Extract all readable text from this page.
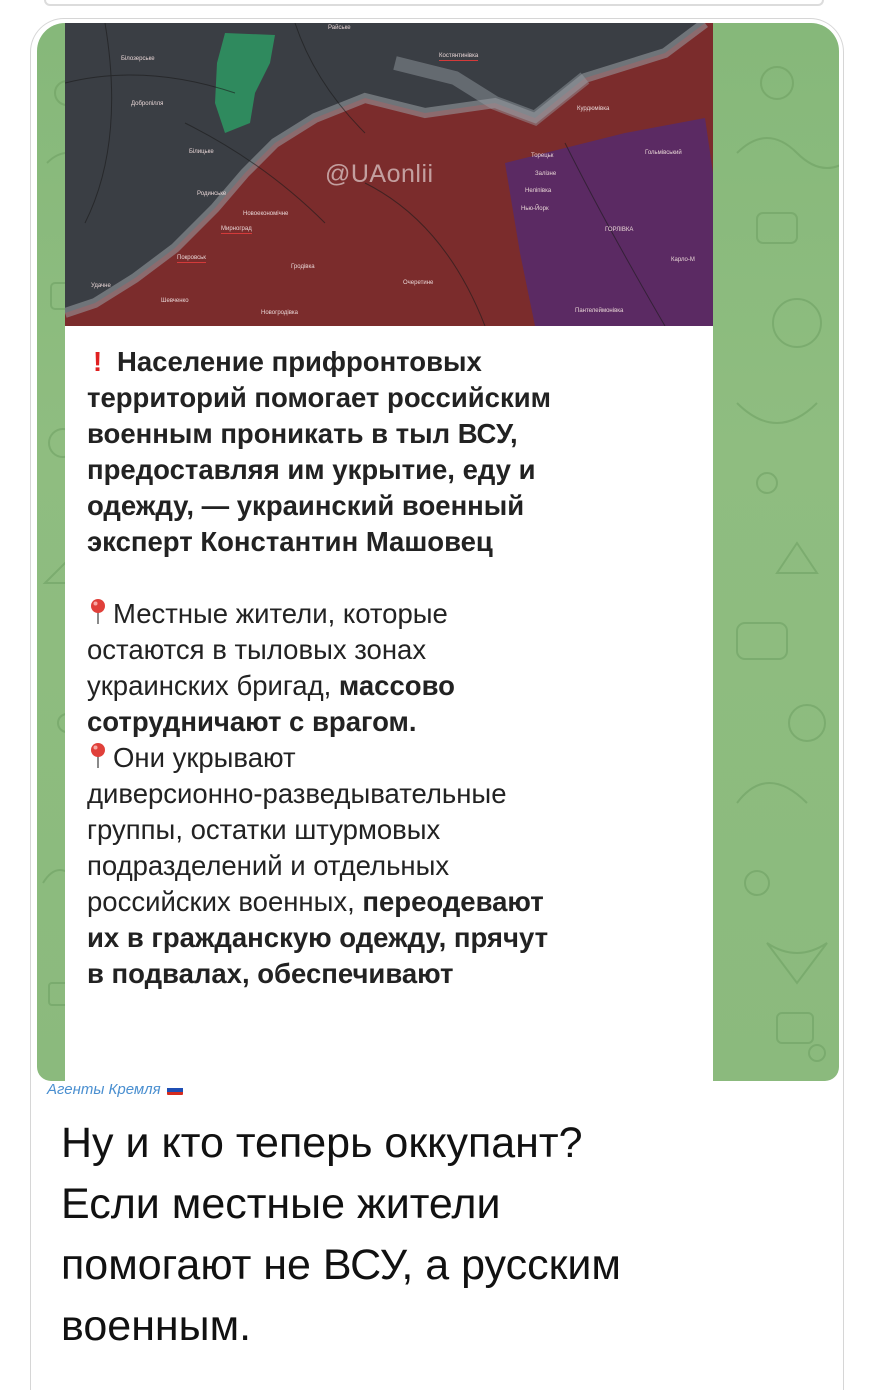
Райське
Білозерське	Костянтинівка
Добропілля
Курдюмівка
Білицьке
Торецьк	Гольмівський
Залізне
Родинське	Неліпівка
Новоекономічне
Нью-Йорк
Мирноград	ГОРЛІВКА
Покровськ
Гродівка
Карло-М
Очеретине
Удачне
Шевченко
Пантелеймонівка
Новогродівка
@UAonlii
! Население прифронтовых
территорий помогает российским
военным проникать в тыл ВСУ,
предоставляя им укрытие, еду и
одежду, — украинский военный
эксперт Константин Машовец
Местные жители, которые
остаются в тыловых зонах
украинских бригад, массово
сотрудничают с врагом.
Они укрывают
диверсионно-разведывательные
группы, остатки штурмовых
подразделений и отдельных
российских военных, переодевают
их в гражданскую одежду, прячут
в подвалах, обеспечивают
Агенты Кремля
Ну и кто теперь оккупант?
Если местные жители
помогают не ВСУ, а русским
военным.
